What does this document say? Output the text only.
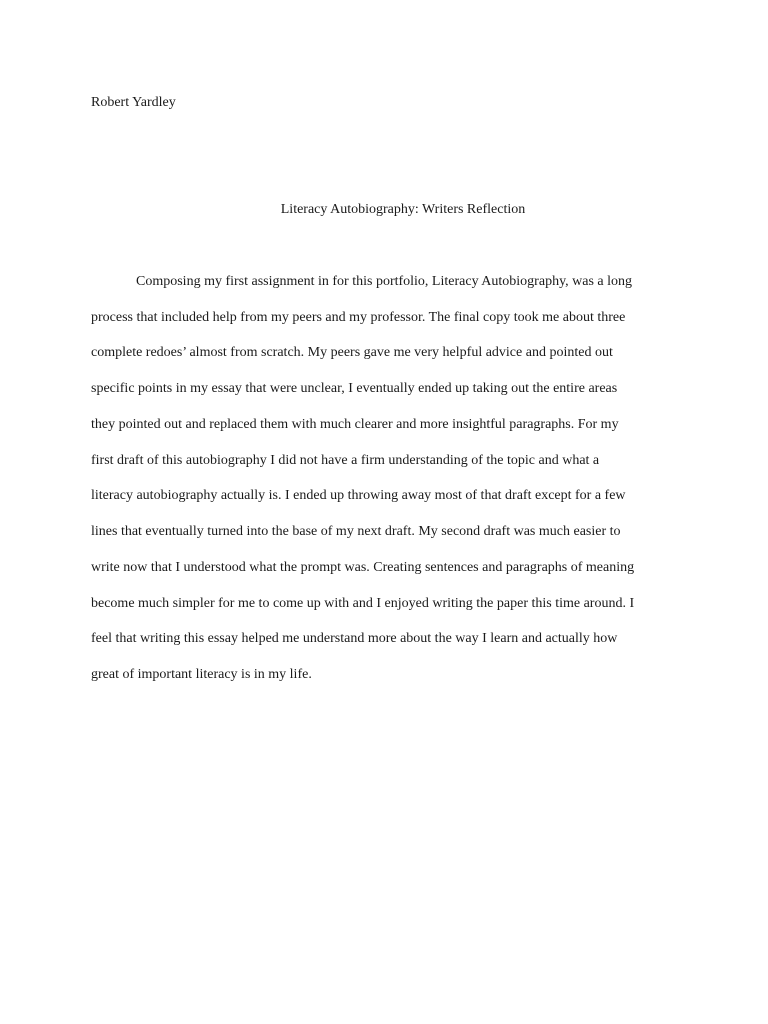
Robert Yardley
Literacy Autobiography: Writers Reflection
Composing my first assignment in for this portfolio, Literacy Autobiography, was a long
process that included help from my peers and my professor. The final copy took me about three
complete redoes’ almost from scratch. My peers gave me very helpful advice and pointed out
specific points in my essay that were unclear, I eventually ended up taking out the entire areas
they pointed out and replaced them with much clearer and more insightful paragraphs. For my
first draft of this autobiography I did not have a firm understanding of the topic and what a
literacy autobiography actually is. I ended up throwing away most of that draft except for a few
lines that eventually turned into the base of my next draft. My second draft was much easier to
write now that I understood what the prompt was. Creating sentences and paragraphs of meaning
become much simpler for me to come up with and I enjoyed writing the paper this time around. I
feel that writing this essay helped me understand more about the way I learn and actually how
great of important literacy is in my life.
